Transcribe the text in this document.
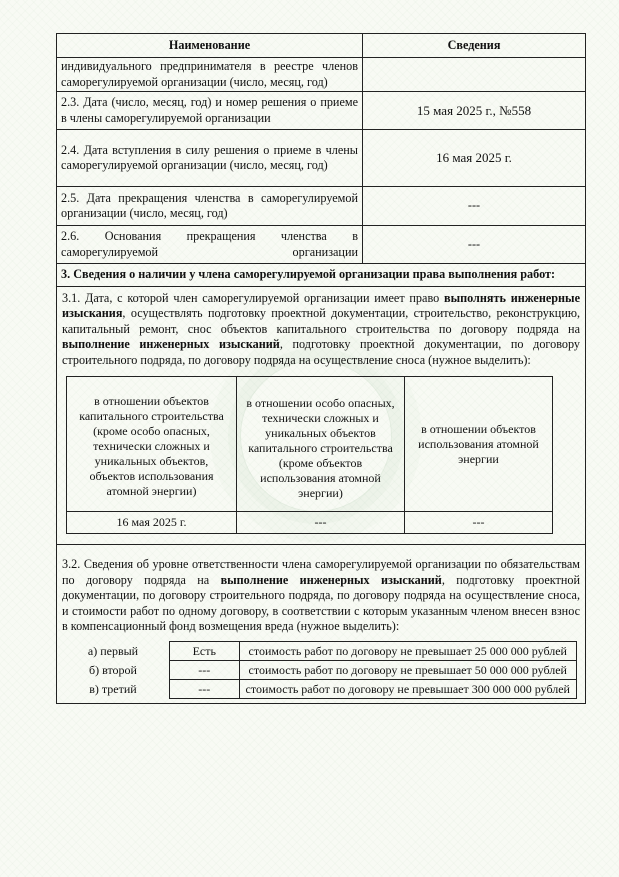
Наименование	Сведения
индивидуального предпринимателя в реестре членов саморегулируемой организации (число, месяц, год)	
2.3. Дата (число, месяц, год) и номер решения о приеме в члены саморегулируемой организации	15 мая 2025 г., №558
2.4. Дата вступления в силу решения о приеме в члены саморегулируемой организации (число, месяц, год)	16 мая 2025 г.
2.5. Дата прекращения членства в саморегулируемой организации (число, месяц, год)	---
2.6. Основания прекращения членства в саморегулируемой организации	---
3. Сведения о наличии у члена саморегулируемой организации права выполнения работ:

3.1. Дата, с которой член саморегулируемой организации имеет право выполнять инженерные изыскания, осуществлять подготовку проектной документации, строительство, реконструкцию, капитальный ремонт, снос объектов капитального строительства по договору подряда на выполнение инженерных изысканий, подготовку проектной документации, по договору строительного подряда, по договору подряда на осуществление сноса (нужное выделить):
в отношении объектов капитального строительства (кроме особо опасных, технически сложных и уникальных объектов, объектов использования атомной энергии)	в отношении особо опасных, технически сложных и уникальных объектов капитального строительства (кроме объектов использования атомной энергии)	в отношении объектов использования атомной энергии
16 мая 2025 г.	---	---

3.2. Сведения об уровне ответственности члена саморегулируемой организации по обязательствам по договору подряда на выполнение инженерных изысканий, подготовку проектной документации, по договору строительного подряда, по договору подряда на осуществление сноса, и стоимости работ по одному договору, в соответствии с которым указанным членом внесен взнос в компенсационный фонд возмещения вреда (нужное выделить):
а) первый	Есть	стоимость работ по договору не превышает 25 000 000 рублей
б) второй	---	стоимость работ по договору не превышает 50 000 000 рублей
в) третий	---	стоимость работ по договору не превышает 300 000 000 рублей
